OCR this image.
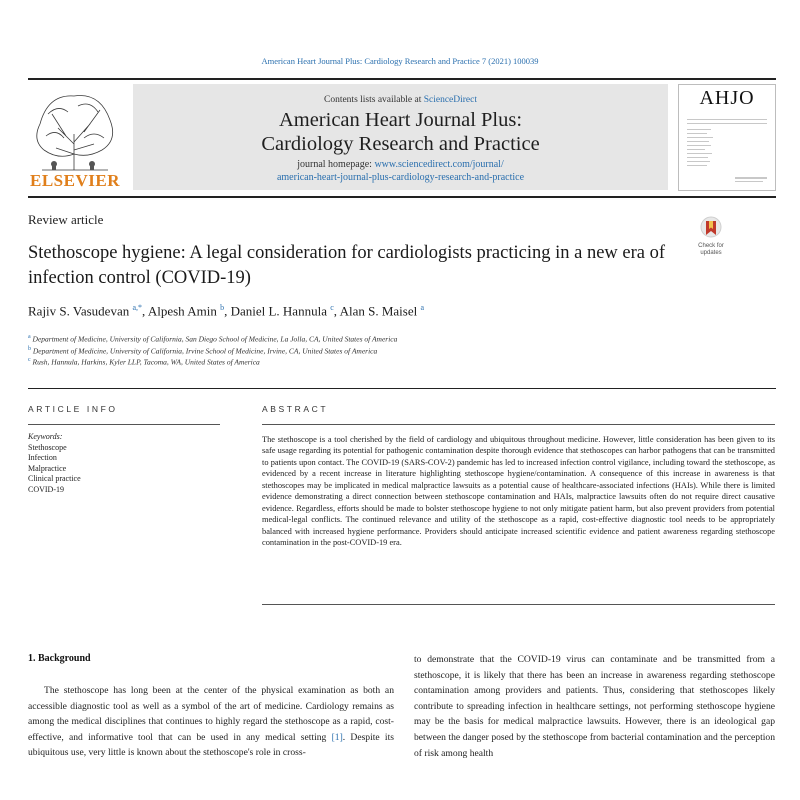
American Heart Journal Plus: Cardiology Research and Practice 7 (2021) 100039
ELSEVIER
Contents lists available at ScienceDirect
American Heart Journal Plus:
Cardiology Research and Practice
journal homepage: www.sciencedirect.com/journal/
american-heart-journal-plus-cardiology-research-and-practice
AHJO
Review article
Stethoscope hygiene: A legal consideration for cardiologists practicing in a new era of infection control (COVID-19)
Check for
updates
Rajiv S. Vasudevan $^{a,*}$, Alpesh Amin $^b$, Daniel L. Hannula $^c$, Alan S. Maisel $^a$
$^a$ Department of Medicine, University of California, San Diego School of Medicine, La Jolla, CA, United States of America
$^b$ Department of Medicine, University of California, Irvine School of Medicine, Irvine, CA, United States of America
$^c$ Rush, Hannula, Harkins, Kyler LLP, Tacoma, WA, United States of America
ARTICLE INFO
Keywords:
Stethoscope
Infection
Malpractice
Clinical practice
COVID-19
ABSTRACT
The stethoscope is a tool cherished by the field of cardiology and ubiquitous throughout medicine. However, little consideration has been given to its safe usage regarding its potential for pathogenic contamination despite thorough evidence that stethoscopes can harbor pathogens that can be transmitted to patients upon contact. The COVID-19 (SARS-COV-2) pandemic has led to increased infection control vigilance, including toward the stethoscope, as evidenced by a recent increase in literature highlighting stethoscope hygiene/contamination. A consequence of this increase in awareness is that stethoscopes may be implicated in medical malpractice lawsuits as a potential cause of healthcare-associated infections (HAIs). While there is limited evidence demonstrating a direct connection between stethoscope contamination and HAIs, malpractice lawsuits often do not require direct causative evidence. Regardless, efforts should be made to bolster stethoscope hygiene to not only mitigate patient harm, but also prevent providers from potential medical-legal conflicts. The continued relevance and utility of the stethoscope as a rapid, cost-effective diagnostic tool needs to be appropriately balanced with increased hygiene performance. Providers should anticipate increased scientific evidence and patient awareness regarding stethoscope contamination in the post-COVID-19 era.
1. Background

The stethoscope has long been at the center of the physical examination as both an accessible diagnostic tool as well as a symbol of the art of medicine. Cardiology remains as among the medical disciplines that continues to highly regard the stethoscope as a rapid, cost-effective, and informative tool that can be used in any medical setting [1]. Despite its ubiquitous use, very little is known about the stethoscope's role in cross-

to demonstrate that the COVID-19 virus can contaminate and be transmitted from a stethoscope, it is likely that there has been an increase in awareness regarding stethoscope contamination among providers and patients. Thus, considering that stethoscopes likely contribute to spreading infection in healthcare settings, not performing stethoscope hygiene may be the basis for medical malpractice lawsuits. However, there is an ideological gap between the danger posed by the stethoscope from bacterial contamination and the perception of risk among health
